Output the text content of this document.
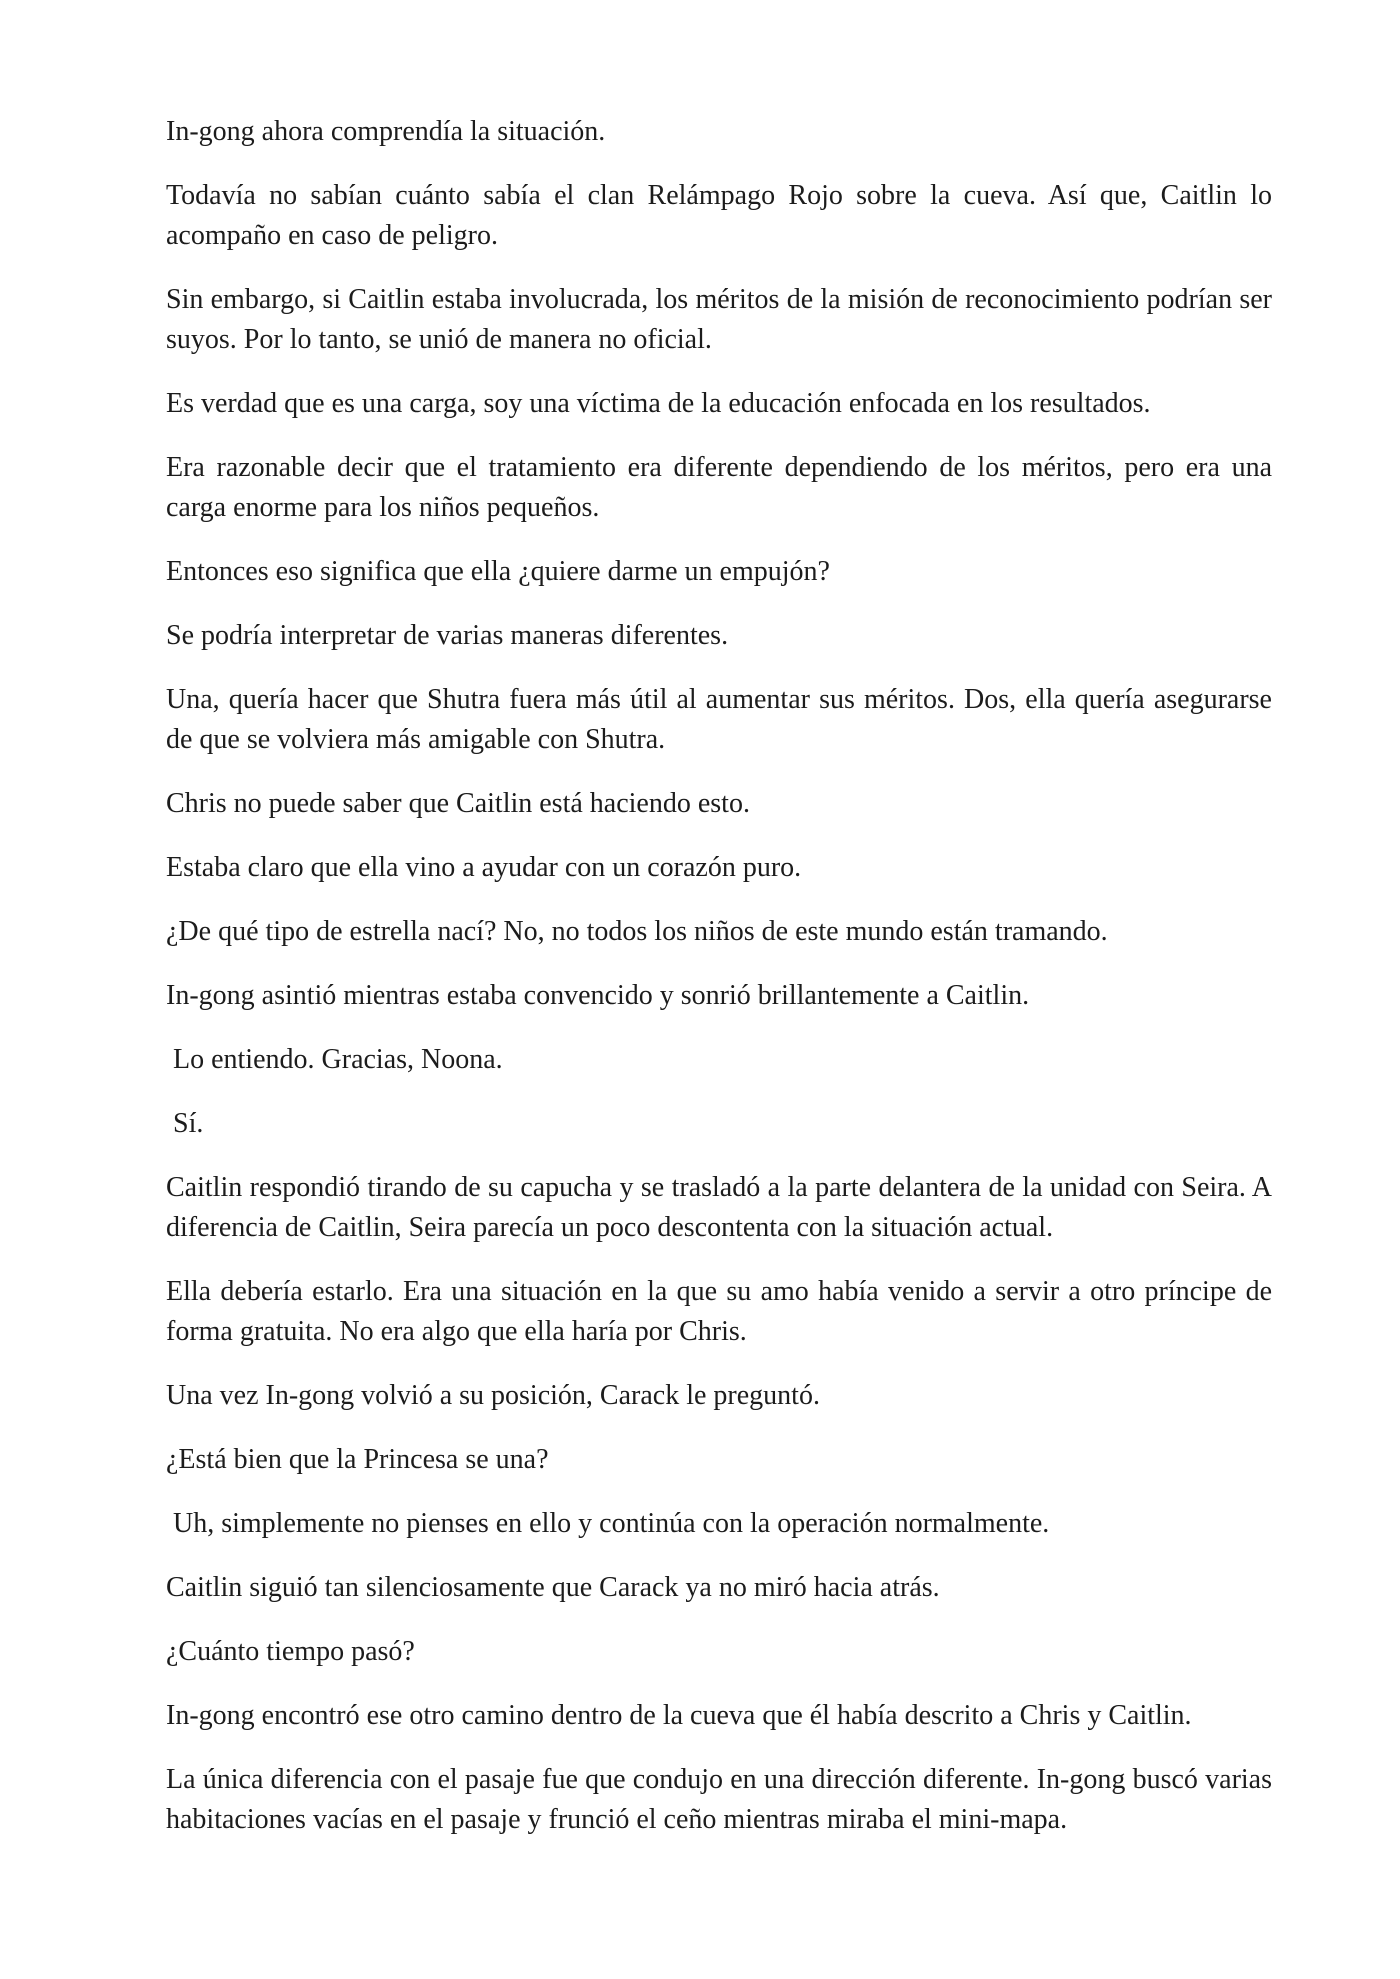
In-gong ahora comprendía la situación.

Todavía no sabían cuánto sabía el clan Relámpago Rojo sobre la cueva. Así que, Caitlin lo acompaño en caso de peligro.

Sin embargo, si Caitlin estaba involucrada, los méritos de la misión de reconocimiento podrían ser suyos. Por lo tanto, se unió de manera no oficial.

Es verdad que es una carga, soy una víctima de la educación enfocada en los resultados.

Era razonable decir que el tratamiento era diferente dependiendo de los méritos, pero era una carga enorme para los niños pequeños.

Entonces eso significa que ella ¿quiere darme un empujón?

Se podría interpretar de varias maneras diferentes.

Una, quería hacer que Shutra fuera más útil al aumentar sus méritos. Dos, ella quería asegurarse de que se volviera más amigable con Shutra.

Chris no puede saber que Caitlin está haciendo esto.

Estaba claro que ella vino a ayudar con un corazón puro.

¿De qué tipo de estrella nací? No, no todos los niños de este mundo están tramando.

In-gong asintió mientras estaba convencido y sonrió brillantemente a Caitlin.

Lo entiendo. Gracias, Noona.

Sí.

Caitlin respondió tirando de su capucha y se trasladó a la parte delantera de la unidad con Seira. A diferencia de Caitlin, Seira parecía un poco descontenta con la situación actual.

Ella debería estarlo. Era una situación en la que su amo había venido a servir a otro príncipe de forma gratuita. No era algo que ella haría por Chris.

Una vez In-gong volvió a su posición, Carack le preguntó.

¿Está bien que la Princesa se una?

Uh, simplemente no pienses en ello y continúa con la operación normalmente.

Caitlin siguió tan silenciosamente que Carack ya no miró hacia atrás.

¿Cuánto tiempo pasó?

In-gong encontró ese otro camino dentro de la cueva que él había descrito a Chris y Caitlin.

La única diferencia con el pasaje fue que condujo en una dirección diferente. In-gong buscó varias habitaciones vacías en el pasaje y frunció el ceño mientras miraba el mini-mapa.
